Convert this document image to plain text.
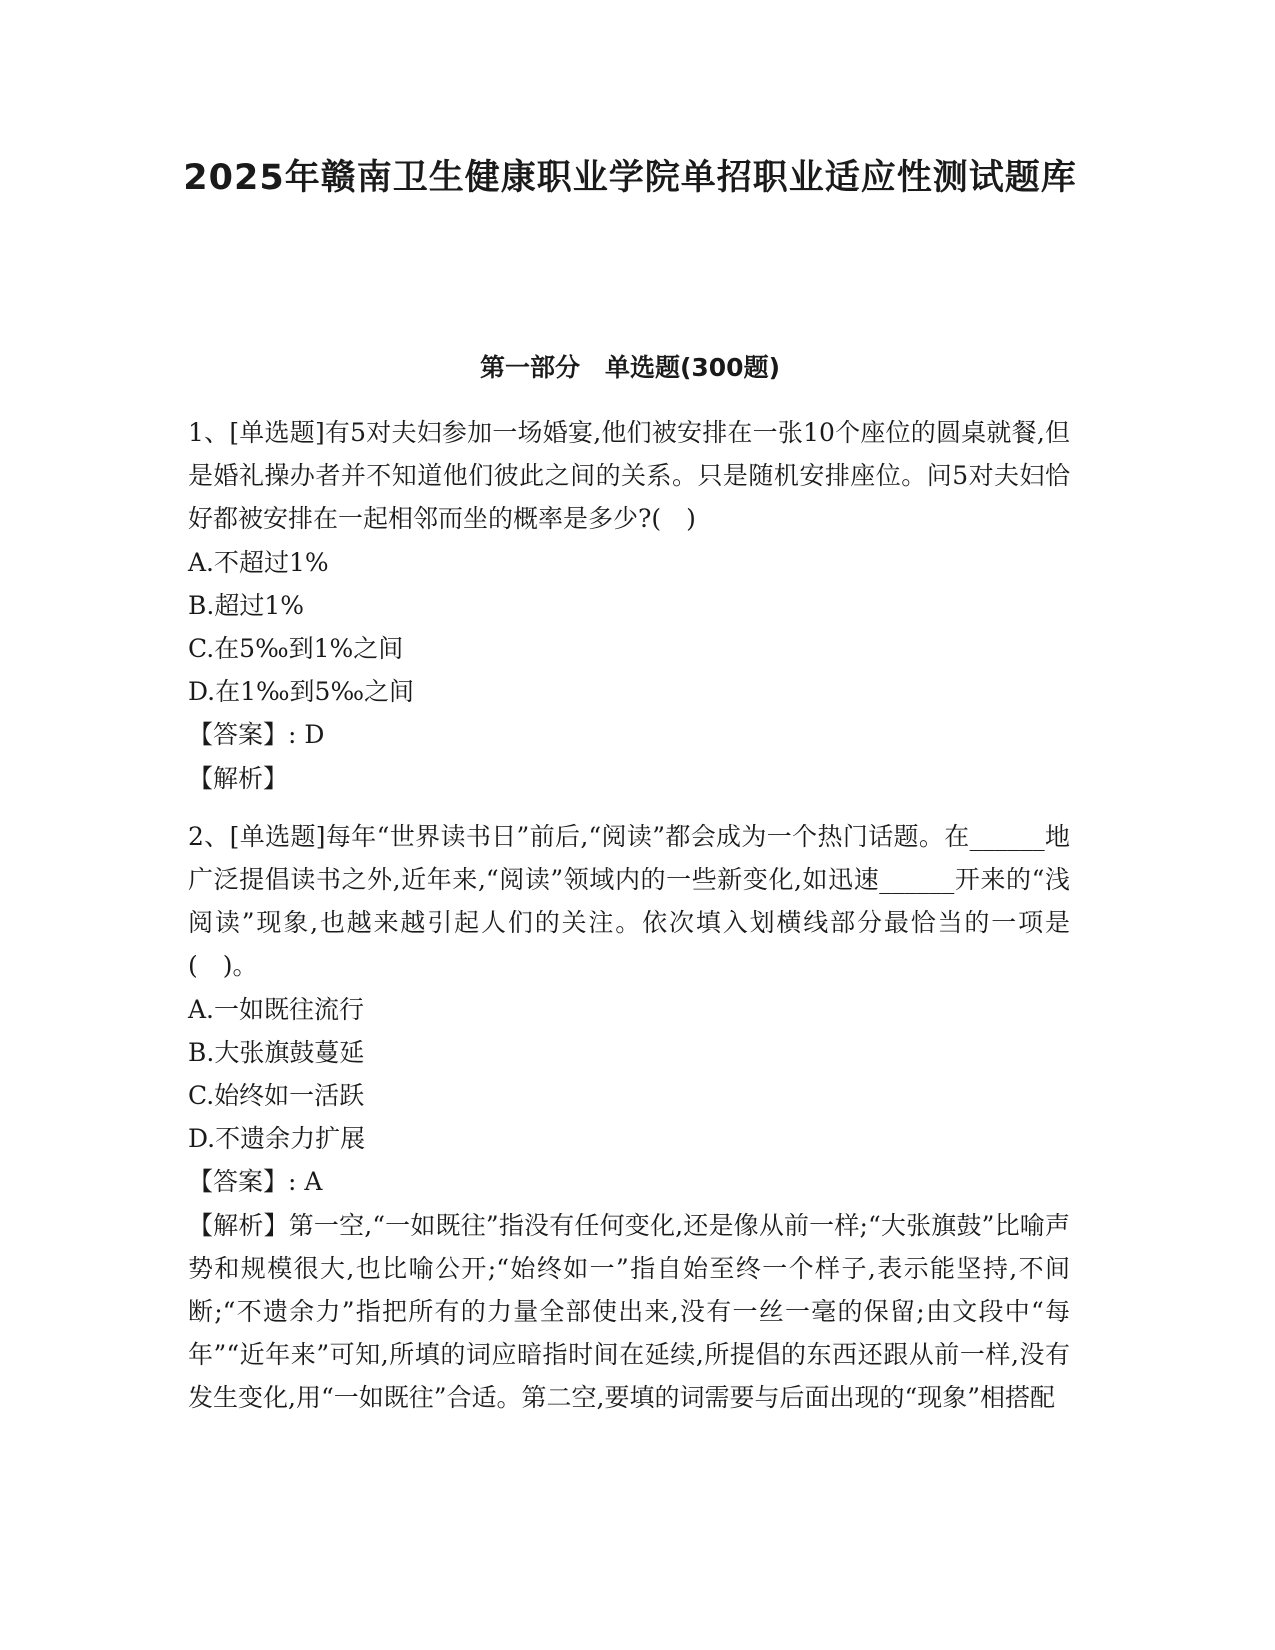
2025年赣南卫生健康职业学院单招职业适应性测试题库
第一部分　单选题(300题)

1、[单选题]有5对夫妇参加一场婚宴,他们被安排在一张10个座位的圆桌就餐,但是婚礼操办者并不知道他们彼此之间的关系。只是随机安排座位。问5对夫妇恰好都被安排在一起相邻而坐的概率是多少?(　)

A.不超过1%

B.超过1%

C.在5‰到1%之间

D.在1‰到5‰之间

【答案】: D

【解析】

2、[单选题]每年“世界读书日”前后,“阅读”都会成为一个热门话题。在______地广泛提倡读书之外,近年来,“阅读”领域内的一些新变化,如迅速______开来的“浅阅读”现象,也越来越引起人们的关注。依次填入划横线部分最恰当的一项是(　)。

A.一如既往流行

B.大张旗鼓蔓延

C.始终如一活跃

D.不遗余力扩展

【答案】: A

【解析】第一空,“一如既往”指没有任何变化,还是像从前一样;“大张旗鼓”比喻声势和规模很大,也比喻公开;“始终如一”指自始至终一个样子,表示能坚持,不间断;“不遗余力”指把所有的力量全部使出来,没有一丝一毫的保留;由文段中“每年”“近年来”可知,所填的词应暗指时间在延续,所提倡的东西还跟从前一样,没有发生变化,用“一如既往”合适。第二空,要填的词需要与后面出现的“现象”相搭配
